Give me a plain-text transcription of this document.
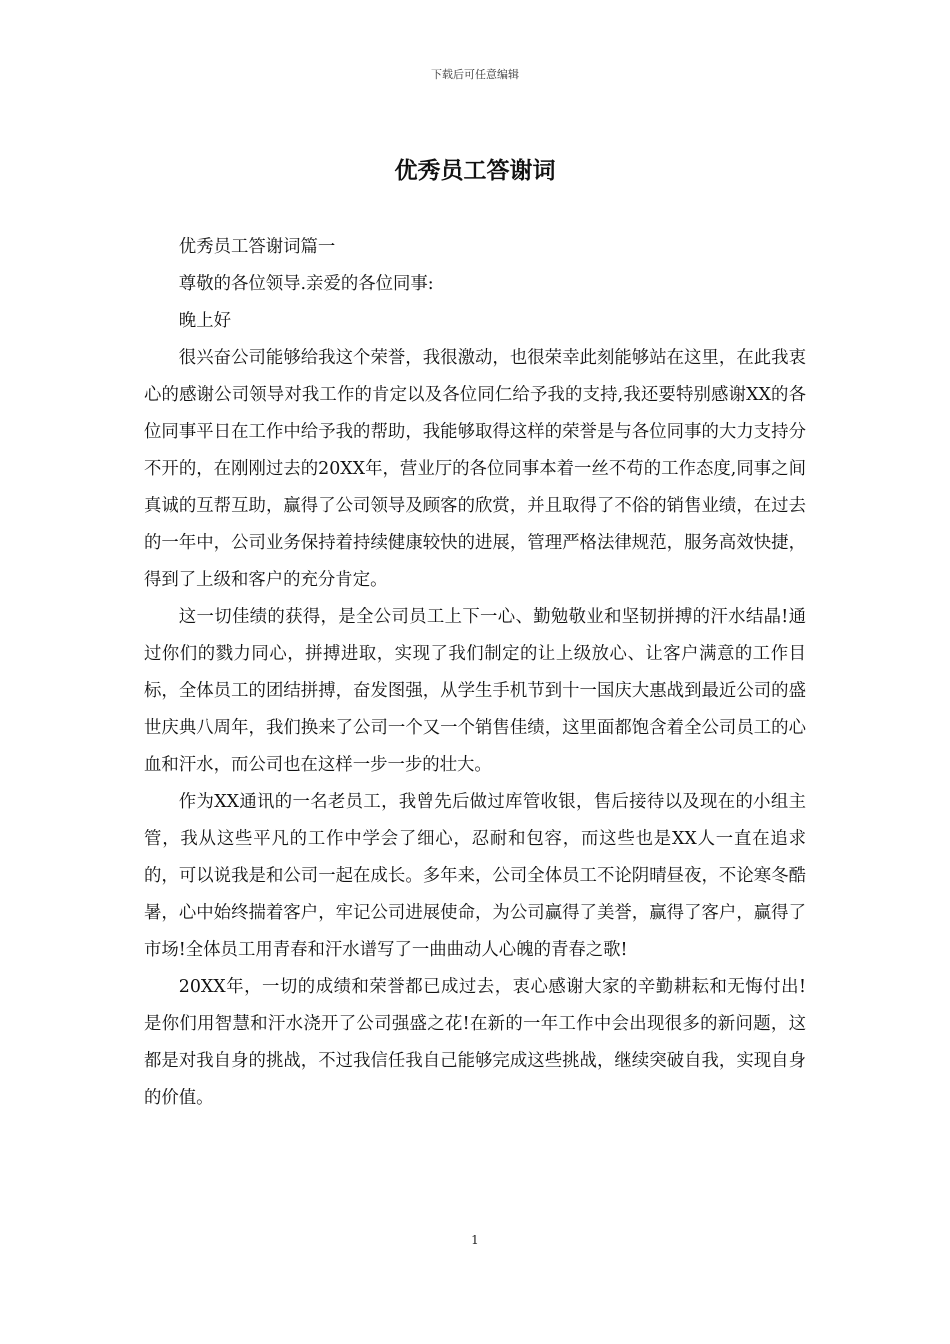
下载后可任意编辑
优秀员工答谢词

优秀员工答谢词篇一

尊敬的各位领导.亲爱的各位同事:

晚上好

很兴奋公司能够给我这个荣誉，我很激动，也很荣幸此刻能够站在这里，在此我衷心的感谢公司领导对我工作的肯定以及各位同仁给予我的支持,我还要特别感谢XX的各位同事平日在工作中给予我的帮助，我能够取得这样的荣誉是与各位同事的大力支持分不开的，在刚刚过去的20XX年，营业厅的各位同事本着一丝不苟的工作态度,同事之间真诚的互帮互助，赢得了公司领导及顾客的欣赏，并且取得了不俗的销售业绩，在过去的一年中，公司业务保持着持续健康较快的进展，管理严格法律规范，服务高效快捷，得到了上级和客户的充分肯定。

这一切佳绩的获得，是全公司员工上下一心、勤勉敬业和坚韧拼搏的汗水结晶!通过你们的戮力同心，拼搏进取，实现了我们制定的让上级放心、让客户满意的工作目标，全体员工的团结拼搏，奋发图强，从学生手机节到十一国庆大惠战到最近公司的盛世庆典八周年，我们换来了公司一个又一个销售佳绩，这里面都饱含着全公司员工的心血和汗水，而公司也在这样一步一步的壮大。

作为XX通讯的一名老员工，我曾先后做过库管收银，售后接待以及现在的小组主管，我从这些平凡的工作中学会了细心，忍耐和包容，而这些也是XX人一直在追求的，可以说我是和公司一起在成长。多年来，公司全体员工不论阴晴昼夜，不论寒冬酷暑，心中始终揣着客户，牢记公司进展使命，为公司赢得了美誉，赢得了客户，赢得了市场!全体员工用青春和汗水谱写了一曲曲动人心魄的青春之歌!

20XX年，一切的成绩和荣誉都已成过去，衷心感谢大家的辛勤耕耘和无悔付出!是你们用智慧和汗水浇开了公司强盛之花!在新的一年工作中会出现很多的新问题，这都是对我自身的挑战，不过我信任我自己能够完成这些挑战，继续突破自我，实现自身的价值。

1
